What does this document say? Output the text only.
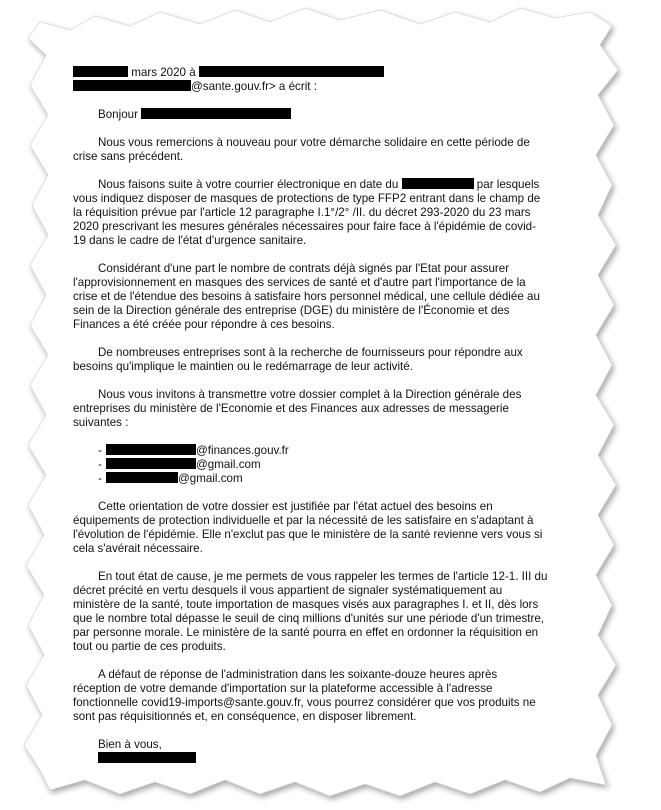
mars 2020 à
@sante.gouv.fr> a écrit :
Bonjour

Nous vous remercions à nouveau pour votre démarche solidaire en cette période de crise sans précédent.

Nous faisons suite à votre courrier électronique en date du	par lesquels vous indiquez disposer de masques de protections de type FFP2 entrant dans le champ de la réquisition prévue par l'article 12 paragraphe I.1°/2° /II. du décret 293-2020 du 23 mars 2020 prescrivant les mesures générales nécessaires pour faire face à l'épidémie de covid-19 dans le cadre de l'état d'urgence sanitaire.

Considérant d'une part le nombre de contrats déjà signés par l'Etat pour assurer l'approvisionnement en masques des services de santé et d'autre part l'importance de la crise et de l'étendue des besoins à satisfaire hors personnel médical, une cellule dédiée au sein de la Direction générale des entreprise (DGE) du ministère de l'Économie et des Finances a été créée pour répondre à ces besoins.

De nombreuses entreprises sont à la recherche de fournisseurs pour répondre aux besoins qu'implique le maintien ou le redémarrage de leur activité.

Nous vous invitons à transmettre votre dossier complet à la Direction générale des entreprises du ministère de l'Economie et des Finances aux adresses de messagerie suivantes :

-	@finances.gouv.fr
-	@gmail.com
-	@gmail.com

Cette orientation de votre dossier est justifiée par l'état actuel des besoins en équipements de protection individuelle et par la nécessité de les satisfaire en s'adaptant à l'évolution de l'épidémie. Elle n'exclut pas que le ministère de la santé revienne vers vous si cela s'avérait nécessaire.

En tout état de cause, je me permets de vous rappeler les termes de l'article 12-1. III du décret précité en vertu desquels il vous appartient de signaler systématiquement au ministère de la santé, toute importation de masques visés aux paragraphes I. et II, dès lors que le nombre total dépasse le seuil de cinq millions d'unités sur une période d'un trimestre, par personne morale. Le ministère de la santé pourra en effet en ordonner la réquisition en tout ou partie de ces produits.

A défaut de réponse de l'administration dans les soixante-douze heures après réception de votre demande d'importation sur la plateforme accessible à l'adresse fonctionnelle covid19-imports@sante.gouv.fr, vous pourrez considérer que vos produits ne sont pas réquisitionnés et, en conséquence, en disposer librement.

Bien à vous,
